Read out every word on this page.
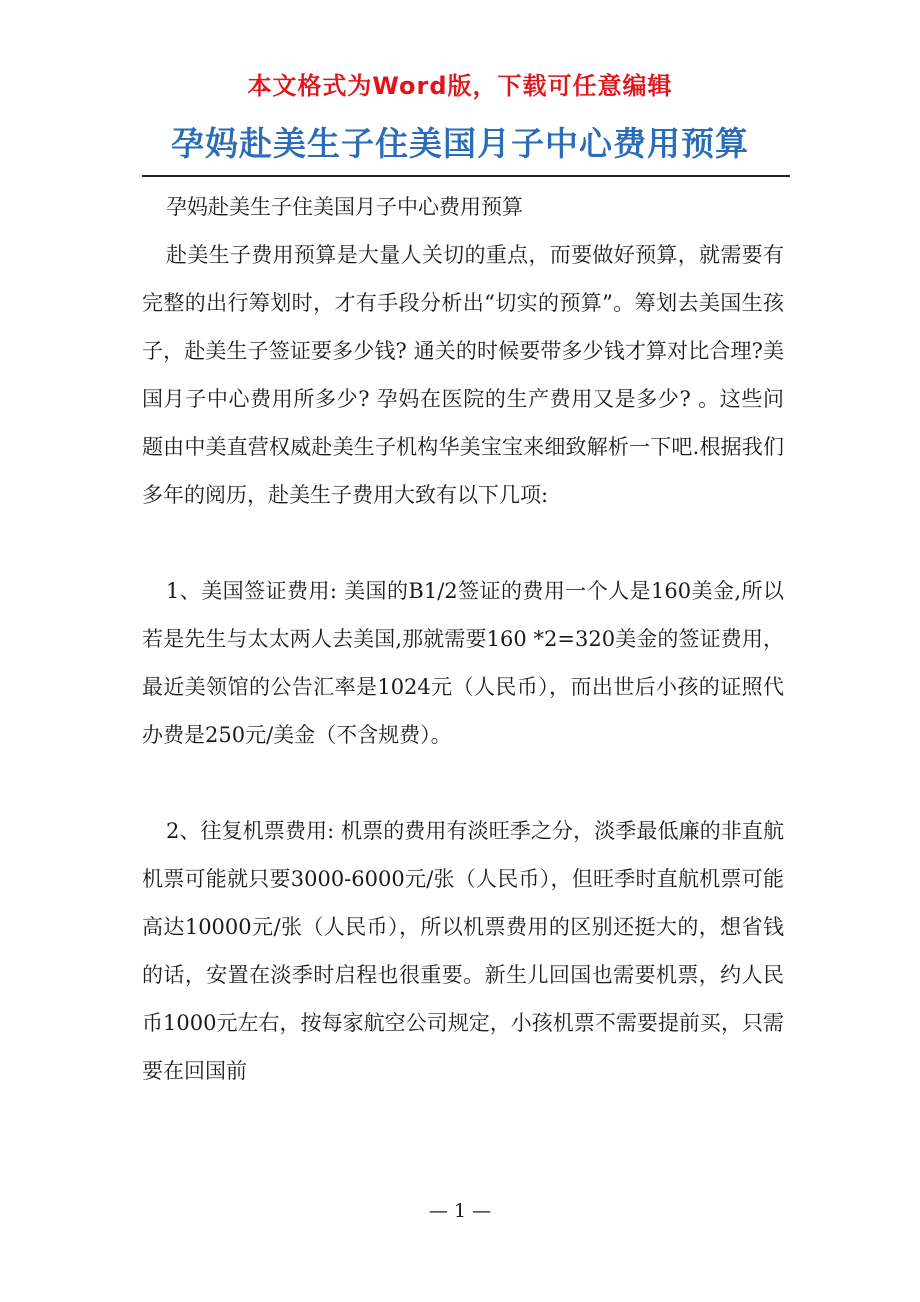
本文格式为Word版，下载可任意编辑
孕妈赴美生子住美国月子中心费用预算

孕妈赴美生子住美国月子中心费用预算

赴美生子费用预算是大量人关切的重点，而要做好预算，就需要有完整的出行筹划时，才有手段分析出“切实的预算”。筹划去美国生孩子，赴美生子签证要多少钱? 通关的时候要带多少钱才算对比合理?美国月子中心费用所多少? 孕妈在医院的生产费用又是多少? 。这些问题由中美直营权威赴美生子机构华美宝宝来细致解析一下吧.根据我们多年的阅历，赴美生子费用大致有以下几项:

1、美国签证费用: 美国的B1/2签证的费用一个人是160美金,所以若是先生与太太两人去美国,那就需要160 *2=320美金的签证费用，最近美领馆的公告汇率是1024元（人民币），而出世后小孩的证照代办费是250元/美金（不含规费）。

2、往复机票费用: 机票的费用有淡旺季之分，淡季最低廉的非直航机票可能就只要3000-6000元/张（人民币），但旺季时直航机票可能高达10000元/张（人民币），所以机票费用的区别还挺大的，想省钱的话，安置在淡季时启程也很重要。新生儿回国也需要机票，约人民币1000元左右，按每家航空公司规定，小孩机票不需要提前买，只需要在回国前

— 1 —
